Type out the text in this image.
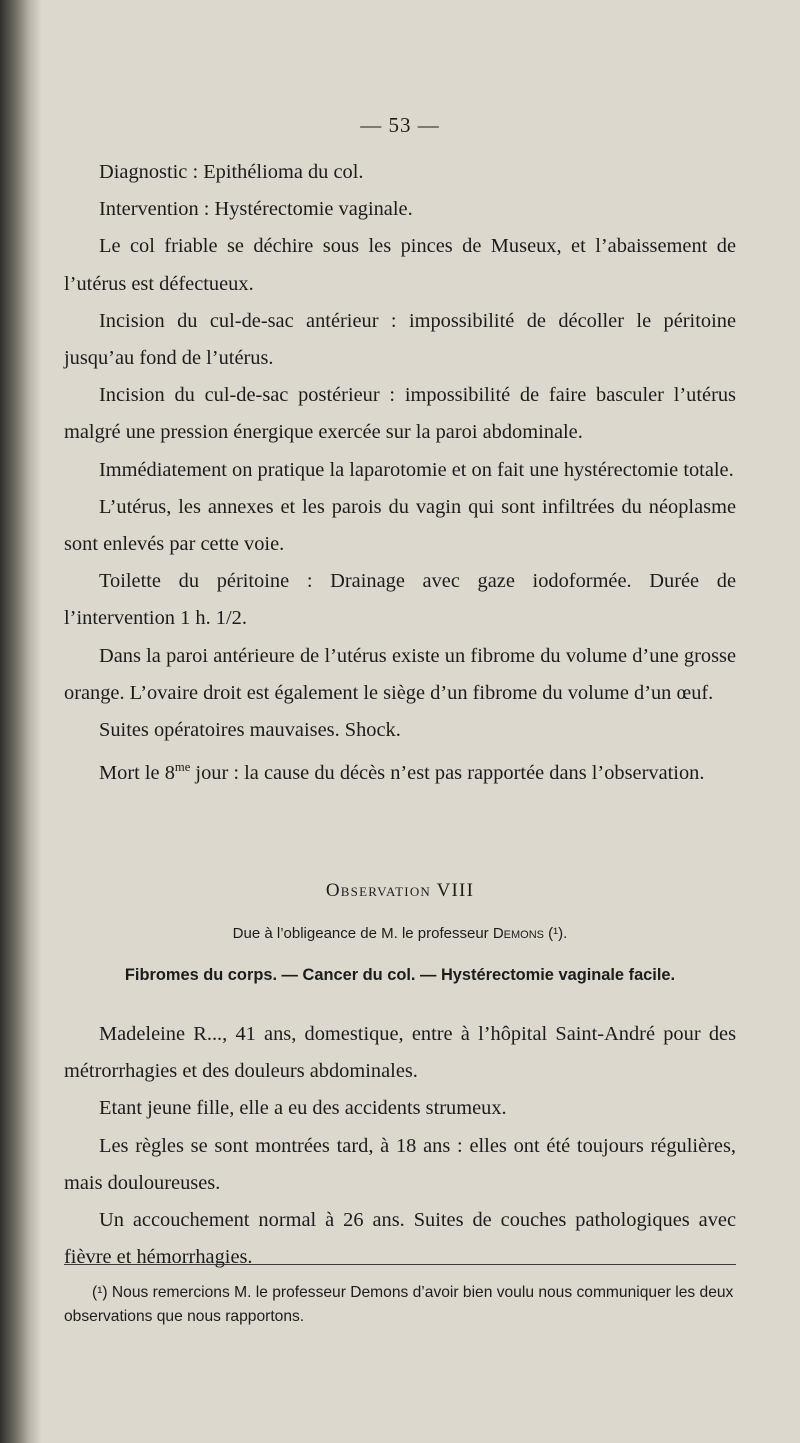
— 53 —

Diagnostic : Epithélioma du col.

Intervention : Hystérectomie vaginale.

Le col friable se déchire sous les pinces de Museux, et l’abaissement de l’utérus est défectueux.

Incision du cul-de-sac antérieur : impossibilité de décoller le péritoine jusqu’au fond de l’utérus.

Incision du cul-de-sac postérieur : impossibilité de faire basculer l’utérus malgré une pression énergique exercée sur la paroi abdominale.

Immédiatement on pratique la laparotomie et on fait une hystérectomie totale.

L’utérus, les annexes et les parois du vagin qui sont infiltrées du néoplasme sont enlevés par cette voie.

Toilette du péritoine : Drainage avec gaze iodoformée. Durée de l’intervention 1 h. 1/2.

Dans la paroi antérieure de l’utérus existe un fibrome du volume d’une grosse orange. L’ovaire droit est également le siège d’un fibrome du volume d’un œuf.

Suites opératoires mauvaises. Shock.

Mort le $8^{me}$ jour : la cause du décès n’est pas rapportée dans l’observation.

Observation VIII
Due à l’obligeance de M. le professeur Demons (¹).
Fibromes du corps. — Cancer du col. — Hystérectomie vaginale facile.

Madeleine R..., 41 ans, domestique, entre à l’hôpital Saint-André pour des métrorrhagies et des douleurs abdominales.

Etant jeune fille, elle a eu des accidents strumeux.

Les règles se sont montrées tard, à 18 ans : elles ont été toujours régulières, mais douloureuses.

Un accouchement normal à 26 ans. Suites de couches pathologiques avec fièvre et hémorrhagies.

(¹) Nous remercions M. le professeur Demons d’avoir bien voulu nous communiquer les deux observations que nous rapportons.
